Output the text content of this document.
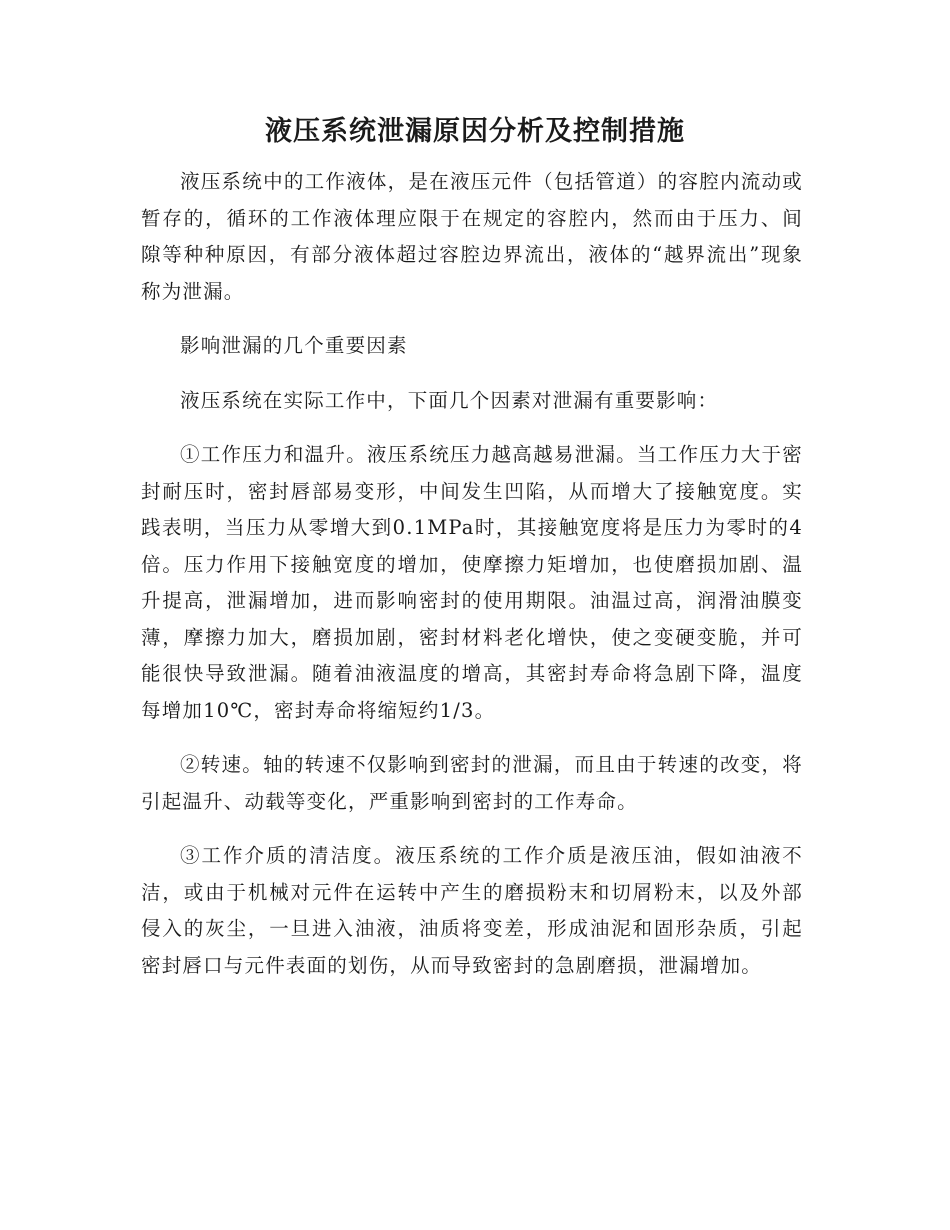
液压系统泄漏原因分析及控制措施

液压系统中的工作液体，是在液压元件（包括管道）的容腔内流动或暂存的，循环的工作液体理应限于在规定的容腔内，然而由于压力、间隙等种种原因，有部分液体超过容腔边界流出，液体的“越界流出”现象称为泄漏。

影响泄漏的几个重要因素

液压系统在实际工作中，下面几个因素对泄漏有重要影响：

①工作压力和温升。液压系统压力越高越易泄漏。当工作压力大于密封耐压时，密封唇部易变形，中间发生凹陷，从而增大了接触宽度。实践表明，当压力从零增大到0.1MPa时，其接触宽度将是压力为零时的4倍。压力作用下接触宽度的增加，使摩擦力矩增加，也使磨损加剧、温升提高，泄漏增加，进而影响密封的使用期限。油温过高，润滑油膜变薄，摩擦力加大，磨损加剧，密封材料老化增快，使之变硬变脆，并可能很快导致泄漏。随着油液温度的增高，其密封寿命将急剧下降，温度每增加10℃，密封寿命将缩短约1/3。

②转速。轴的转速不仅影响到密封的泄漏，而且由于转速的改变，将引起温升、动载等变化，严重影响到密封的工作寿命。

③工作介质的清洁度。液压系统的工作介质是液压油，假如油液不洁，或由于机械对元件在运转中产生的磨损粉末和切屑粉末，以及外部侵入的灰尘，一旦进入油液，油质将变差，形成油泥和固形杂质，引起密封唇口与元件表面的划伤，从而导致密封的急剧磨损，泄漏增加。
